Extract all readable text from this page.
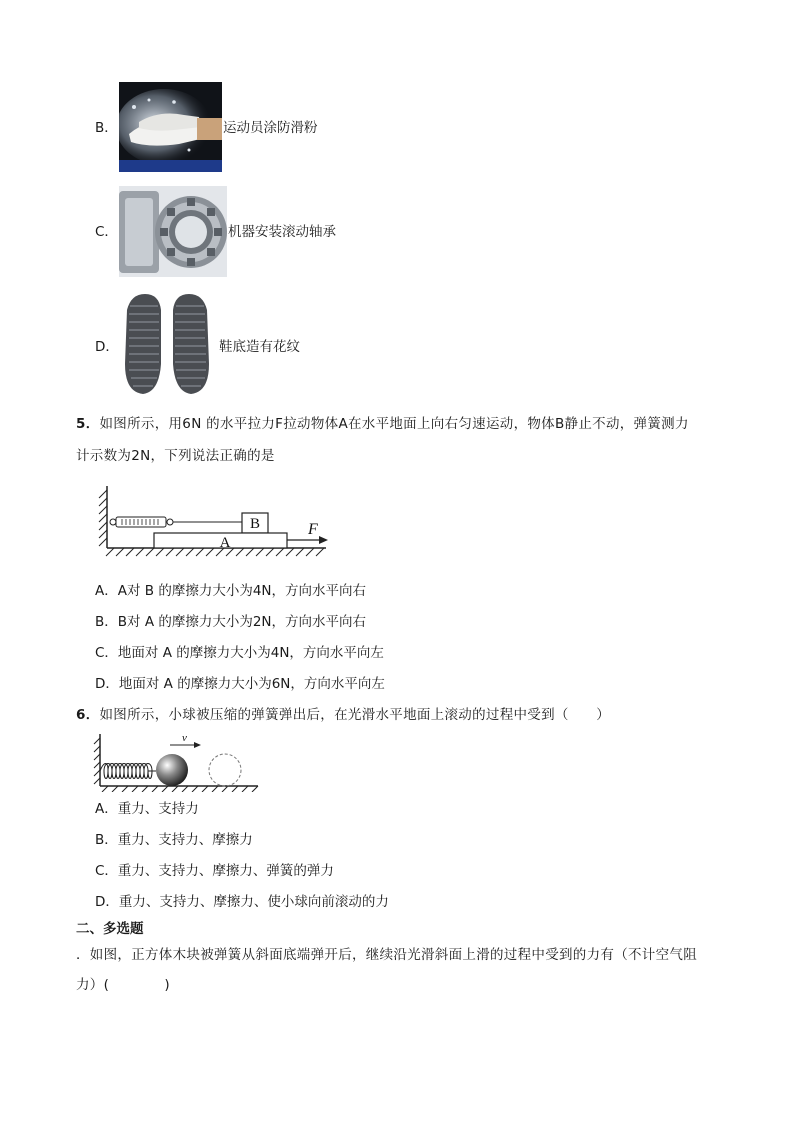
B．	运动员涂防滑粉
C．	机器安装滚动轴承
D．	鞋底造有花纹
5．如图所示，用6N 的水平拉力F拉动物体A在水平地面上向右匀速运动，物体B静止不动，弹簧测力
计示数为2N，下列说法正确的是
B
A
F
A．A对 B 的摩擦力大小为4N，方向水平向右
B．B对 A 的摩擦力大小为2N，方向水平向右
C．地面对 A 的摩擦力大小为4N，方向水平向左
D．地面对 A 的摩擦力大小为6N，方向水平向左
6．如图所示，小球被压缩的弹簧弹出后，在光滑水平地面上滚动的过程中受到（　　）
v
A．重力、支持力
B．重力、支持力、摩擦力
C．重力、支持力、摩擦力、弹簧的弹力
D．重力、支持力、摩擦力、使小球向前滚动的力
二、多选题
．如图，正方体木块被弹簧从斜面底端弹开后，继续沿光滑斜面上滑的过程中受到的力有（不计空气阻
力）(　　　　)
